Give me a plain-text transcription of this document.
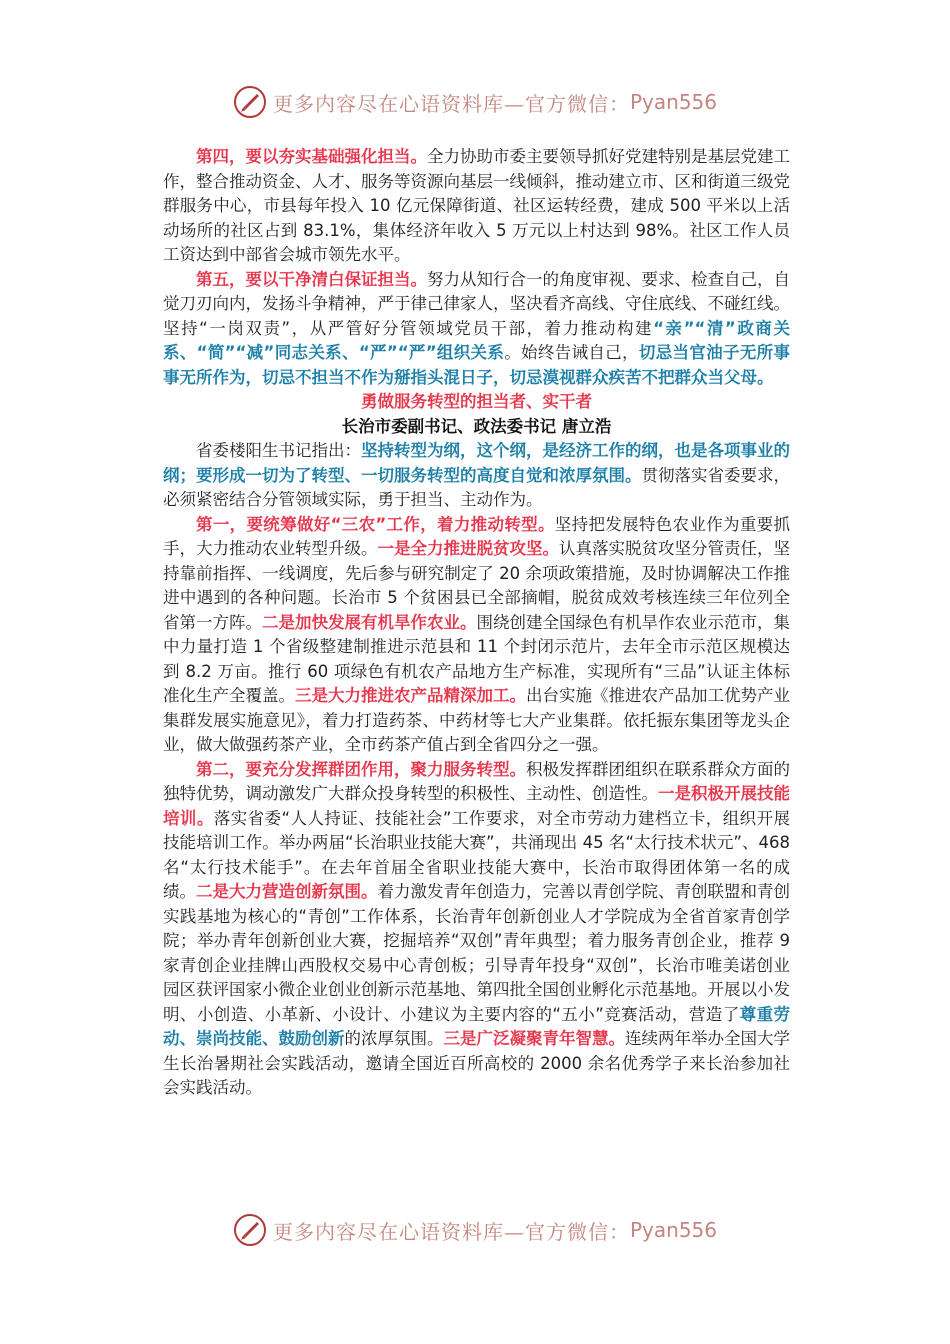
更多内容尽在心语资料库—官方微信： Pyan556

第四，要以夯实基础强化担当。全力协助市委主要领导抓好党建特别是基层党建工作，整合推动资金、人才、服务等资源向基层一线倾斜，推动建立市、区和街道三级党群服务中心，市县每年投入 10 亿元保障街道、社区运转经费，建成 500 平米以上活动场所的社区占到 83.1%，集体经济年收入 5 万元以上村达到 98%。社区工作人员工资达到中部省会城市领先水平。

第五，要以干净清白保证担当。努力从知行合一的角度审视、要求、检查自己，自觉刀刃向内，发扬斗争精神，严于律己律家人，坚决看齐高线、守住底线、不碰红线。坚持“一岗双责”，从严管好分管领域党员干部，着力推动构建“亲”“清”政商关系、“简”“减”同志关系、“严”“严”组织关系。始终告诫自己，切忌当官油子无所事事无所作为，切忌不担当不作为掰指头混日子，切忌漠视群众疾苦不把群众当父母。

勇做服务转型的担当者、实干者

长治市委副书记、政法委书记 唐立浩

省委楼阳生书记指出：坚持转型为纲，这个纲，是经济工作的纲，也是各项事业的纲；要形成一切为了转型、一切服务转型的高度自觉和浓厚氛围。贯彻落实省委要求，必须紧密结合分管领域实际，勇于担当、主动作为。

第一，要统筹做好“三农”工作，着力推动转型。坚持把发展特色农业作为重要抓手，大力推动农业转型升级。一是全力推进脱贫攻坚。认真落实脱贫攻坚分管责任，坚持靠前指挥、一线调度，先后参与研究制定了 20 余项政策措施，及时协调解决工作推进中遇到的各种问题。长治市 5 个贫困县已全部摘帽，脱贫成效考核连续三年位列全省第一方阵。二是加快发展有机旱作农业。围绕创建全国绿色有机旱作农业示范市，集中力量打造 1 个省级整建制推进示范县和 11 个封闭示范片，去年全市示范区规模达到 8.2 万亩。推行 60 项绿色有机农产品地方生产标准，实现所有“三品”认证主体标准化生产全覆盖。三是大力推进农产品精深加工。出台实施《推进农产品加工优势产业集群发展实施意见》，着力打造药茶、中药材等七大产业集群。依托振东集团等龙头企业，做大做强药茶产业，全市药茶产值占到全省四分之一强。

第二，要充分发挥群团作用，聚力服务转型。积极发挥群团组织在联系群众方面的独特优势，调动激发广大群众投身转型的积极性、主动性、创造性。一是积极开展技能培训。落实省委“人人持证、技能社会”工作要求，对全市劳动力建档立卡，组织开展技能培训工作。举办两届“长治职业技能大赛”，共涌现出 45 名“太行技术状元”、468 名“太行技术能手”。在去年首届全省职业技能大赛中，长治市取得团体第一名的成绩。二是大力营造创新氛围。着力激发青年创造力，完善以青创学院、青创联盟和青创实践基地为核心的“青创”工作体系，长治青年创新创业人才学院成为全省首家青创学院；举办青年创新创业大赛，挖掘培养“双创”青年典型；着力服务青创企业，推荐 9 家青创企业挂牌山西股权交易中心青创板；引导青年投身“双创”，长治市唯美诺创业园区获评国家小微企业创业创新示范基地、第四批全国创业孵化示范基地。开展以小发明、小创造、小革新、小设计、小建议为主要内容的“五小”竞赛活动，营造了尊重劳动、崇尚技能、鼓励创新的浓厚氛围。三是广泛凝聚青年智慧。连续两年举办全国大学生长治暑期社会实践活动，邀请全国近百所高校的 2000 余名优秀学子来长治参加社会实践活动。

更多内容尽在心语资料库—官方微信： Pyan556
